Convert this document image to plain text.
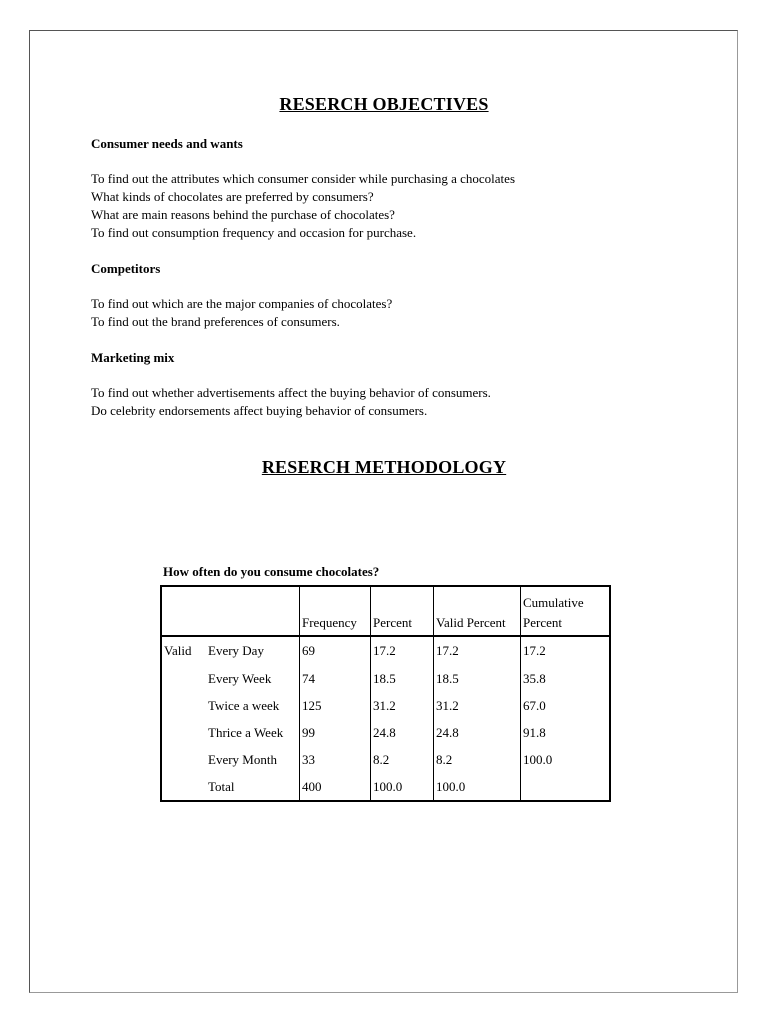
RESERCH OBJECTIVES
Consumer needs and wants
To find out the attributes which consumer consider while purchasing a chocolates
What kinds of chocolates are preferred by consumers?
What are main reasons behind the purchase of chocolates?
To find out consumption frequency and occasion for purchase.
Competitors
To find out which are the major companies of chocolates?
To find out the brand preferences of consumers.
Marketing mix
To find out whether advertisements affect the buying behavior of consumers.
Do celebrity endorsements affect buying behavior of consumers.
RESERCH METHODOLOGY
How often do you consume chocolates?
		Frequency	Percent	Valid Percent	Cumulative
Percent

Valid	Every Day	69	17.2	17.2	17.2
	Every Week	74	18.5	18.5	35.8
	Twice a week	125	31.2	31.2	67.0
	Thrice a Week	99	24.8	24.8	91.8
	Every Month	33	8.2	8.2	100.0
	Total	400	100.0	100.0	
